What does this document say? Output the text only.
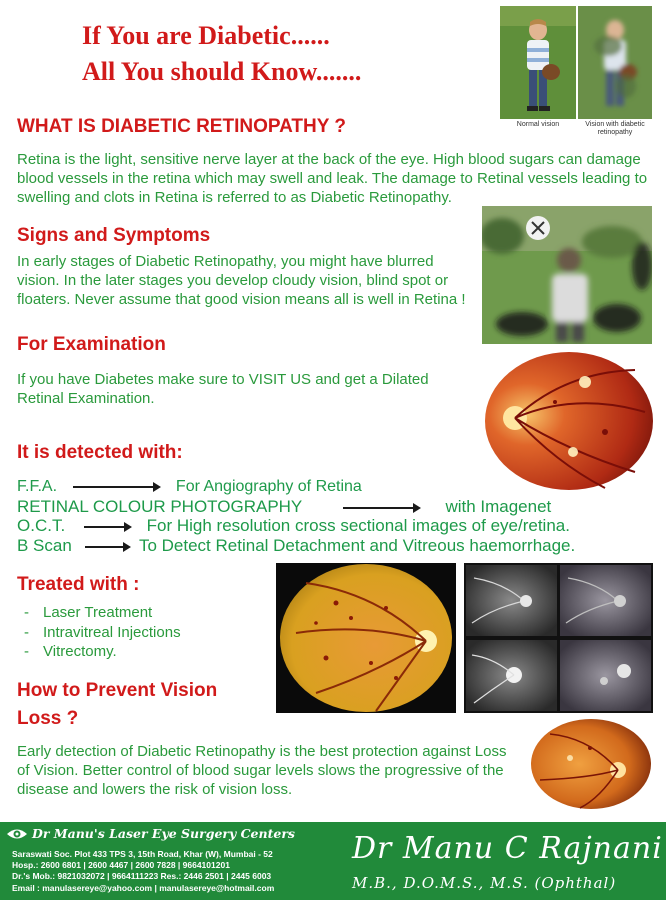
If You are Diabetic......
All You should Know.......
Normal vision	Vision with diabetic retinopathy
WHAT IS DIABETIC RETINOPATHY ?
Retina is the light, sensitive nerve layer at the back of the eye. High blood sugars can damage blood vessels in the retina which may swell and leak. The damage to Retinal vessels leading to swelling and clots in Retina is referred to as Diabetic Retinopathy.
Signs and Symptoms
In early stages of Diabetic Retinopathy, you might have blurred vision. In the later stages you develop cloudy vision, blind spot or floaters. Never assume that good vision means all is well in Retina !
For Examination
If you have Diabetes make sure to VISIT US and get a Dilated Retinal Examination.
It is detected with:
F.F.A.	For Angiography of Retina
RETINAL COLOUR PHOTOGRAPHY	with Imagenet
O.C.T.	For High resolution cross sectional images of eye/retina.
B Scan	To Detect Retinal Detachment and Vitreous haemorrhage.
Treated with :
- Laser Treatment
- Intravitreal Injections
- Vitrectomy.
How to Prevent Vision
Loss ?
Early detection of Diabetic Retinopathy is the best protection against Loss of Vision. Better control of blood sugar levels slows the progressive of the disease and lowers the risk of vision loss.
Dr Manu's Laser Eye Surgery Centers
Saraswati Soc. Plot 433 TPS 3, 15th Road, Khar (W), Mumbai - 52
Hosp.: 2600 6801 | 2600 4467 | 2600 7828 | 9664101201
Dr.'s Mob.: 9821032072 | 9664111223 Res.: 2446 2501 | 2445 6003
Email : manulasereye@yahoo.com | manulasereye@hotmail.com
Dr Manu C Rajnani
M.B., D.O.M.S., M.S. (Ophthal)
